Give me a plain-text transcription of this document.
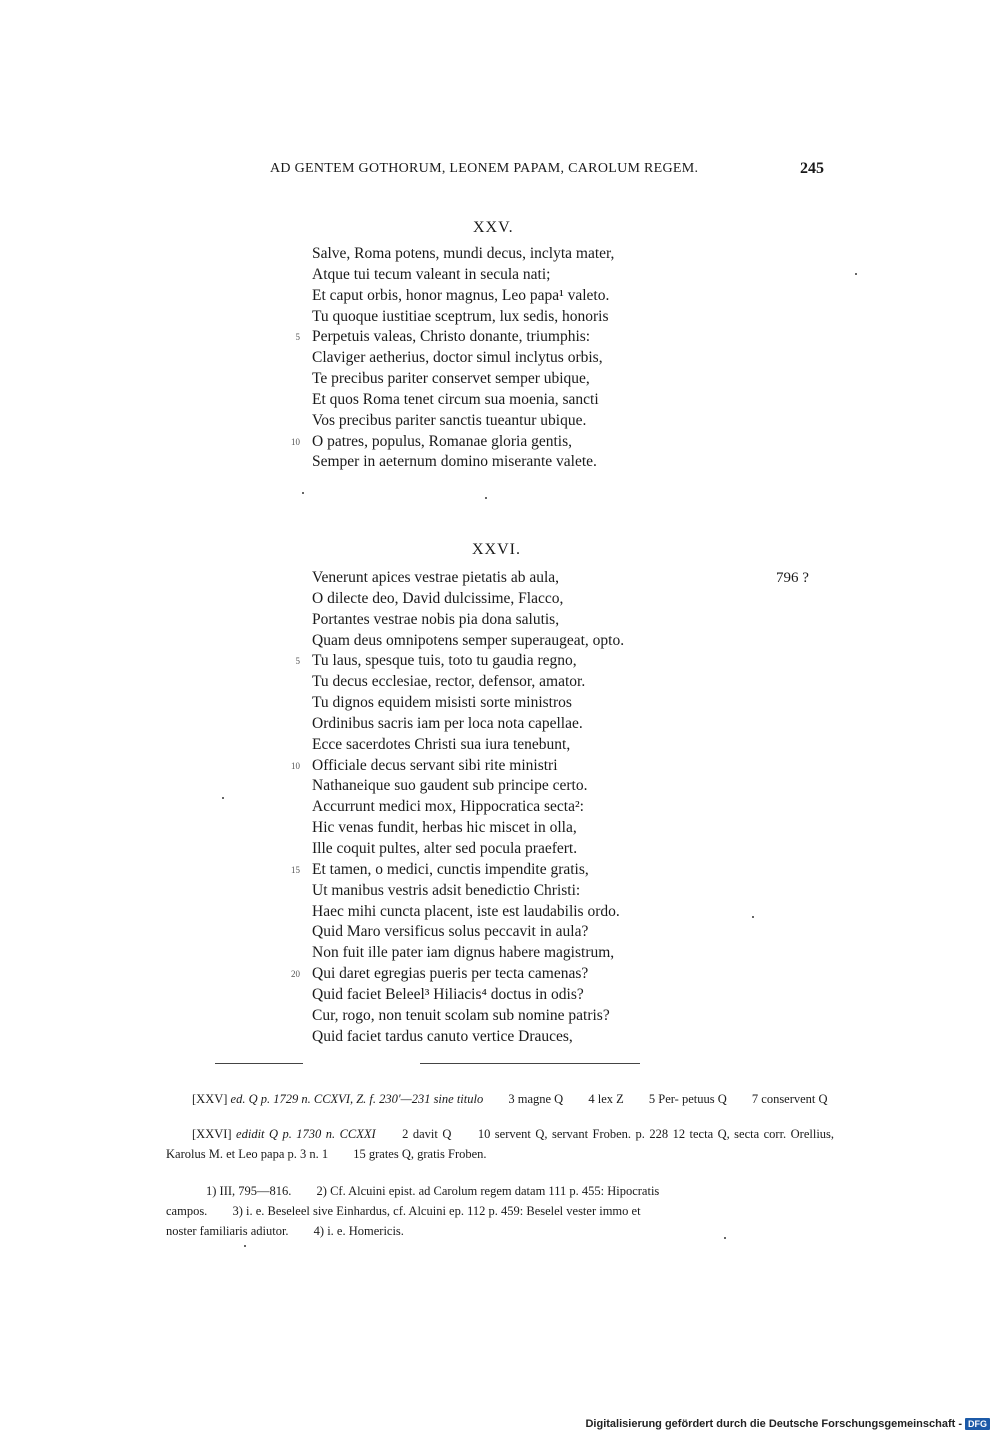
AD GENTEM GOTHORUM, LEONEM PAPAM, CAROLUM REGEM.	245
XXV.
Salve, Roma potens, mundi decus, inclyta mater,
Atque tui tecum valeant in secula nati;
Et caput orbis, honor magnus, Leo papa¹ valeto.
Tu quoque iustitiae sceptrum, lux sedis, honoris
5 Perpetuis valeas, Christo donante, triumphis:
Claviger aetherius, doctor simul inclytus orbis,
Te precibus pariter conservet semper ubique,
Et quos Roma tenet circum sua moenia, sancti
Vos precibus pariter sanctis tueantur ubique.
10 O patres, populus, Romanae gloria gentis,
Semper in aeternum domino miserante valete.
XXVI.
796 ?
Venerunt apices vestrae pietatis ab aula,
O dilecte deo, David dulcissime, Flacco,
Portantes vestrae nobis pia dona salutis,
Quam deus omnipotens semper superaugeat, opto.
5 Tu laus, spesque tuis, toto tu gaudia regno,
Tu decus ecclesiae, rector, defensor, amator.
Tu dignos equidem misisti sorte ministros
Ordinibus sacris iam per loca nota capellae.
Ecce sacerdotes Christi sua iura tenebunt,
10 Officiale decus servant sibi rite ministri
Nathaneique suo gaudent sub principe certo.
Accurrunt medici mox, Hippocratica secta²:
Hic venas fundit, herbas hic miscet in olla,
Ille coquit pultes, alter sed pocula praefert.
15 Et tamen, o medici, cunctis impendite gratis,
Ut manibus vestris adsit benedictio Christi:
Haec mihi cuncta placent, iste est laudabilis ordo.
Quid Maro versificus solus peccavit in aula?
Non fuit ille pater iam dignus habere magistrum,
20 Qui daret egregias pueris per tecta camenas?
Quid faciet Beleel³ Hiliacis⁴ doctus in odis?
Cur, rogo, non tenuit scolam sub nomine patris?
Quid faciet tardus canuto vertice Drauces,

[XXV] ed. Q p. 1729 n. CCXVI, Z. f. 230'—231 sine titulo 3 magne Q 4 lex Z 5 Per- petuus Q 7 conservent Q

[XXVI] edidit Q p. 1730 n. CCXXI 2 davit Q 10 servent Q, servant Froben. p. 228 12 tecta Q, secta corr. Orellius, Karolus M. et Leo papa p. 3 n. 1 15 grates Q, gratis Froben.

1) III, 795—816. 2) Cf. Alcuini epist. ad Carolum regem datam 111 p. 455: Hipocratis
campos. 3) i. e. Beseleel sive Einhardus, cf. Alcuini ep. 112 p. 459: Beselel vester immo et
noster familiaris adiutor. 4) i. e. Homericis.
Digitalisierung gefördert durch die Deutsche Forschungsgemeinschaft - DFG
